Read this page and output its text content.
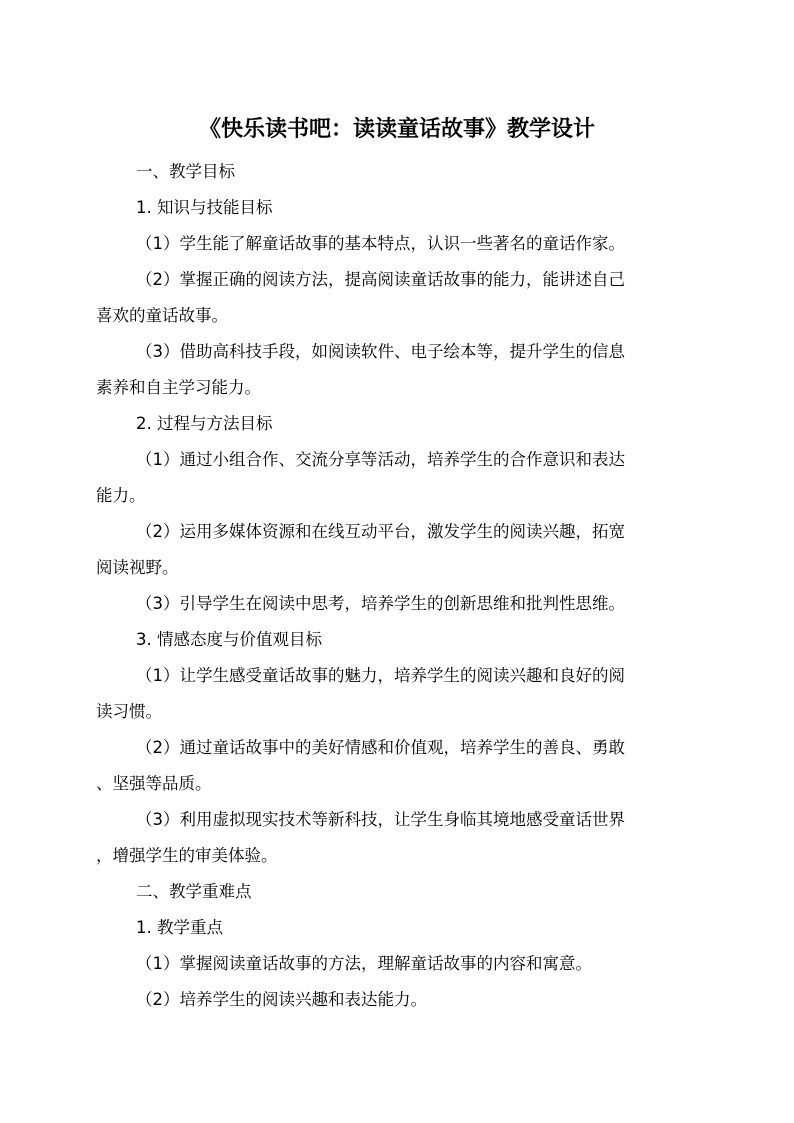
《快乐读书吧：读读童话故事》教学设计

一、教学目标

1. 知识与技能目标

（1）学生能了解童话故事的基本特点，认识一些著名的童话作家。

（2）掌握正确的阅读方法，提高阅读童话故事的能力，能讲述自己

喜欢的童话故事。

（3）借助高科技手段，如阅读软件、电子绘本等，提升学生的信息

素养和自主学习能力。

2. 过程与方法目标

（1）通过小组合作、交流分享等活动，培养学生的合作意识和表达

能力。

（2）运用多媒体资源和在线互动平台，激发学生的阅读兴趣，拓宽

阅读视野。

（3）引导学生在阅读中思考，培养学生的创新思维和批判性思维。

3. 情感态度与价值观目标

（1）让学生感受童话故事的魅力，培养学生的阅读兴趣和良好的阅

读习惯。

（2）通过童话故事中的美好情感和价值观，培养学生的善良、勇敢

、坚强等品质。

（3）利用虚拟现实技术等新科技，让学生身临其境地感受童话世界

，增强学生的审美体验。

二、教学重难点

1. 教学重点

（1）掌握阅读童话故事的方法，理解童话故事的内容和寓意。

（2）培养学生的阅读兴趣和表达能力。
